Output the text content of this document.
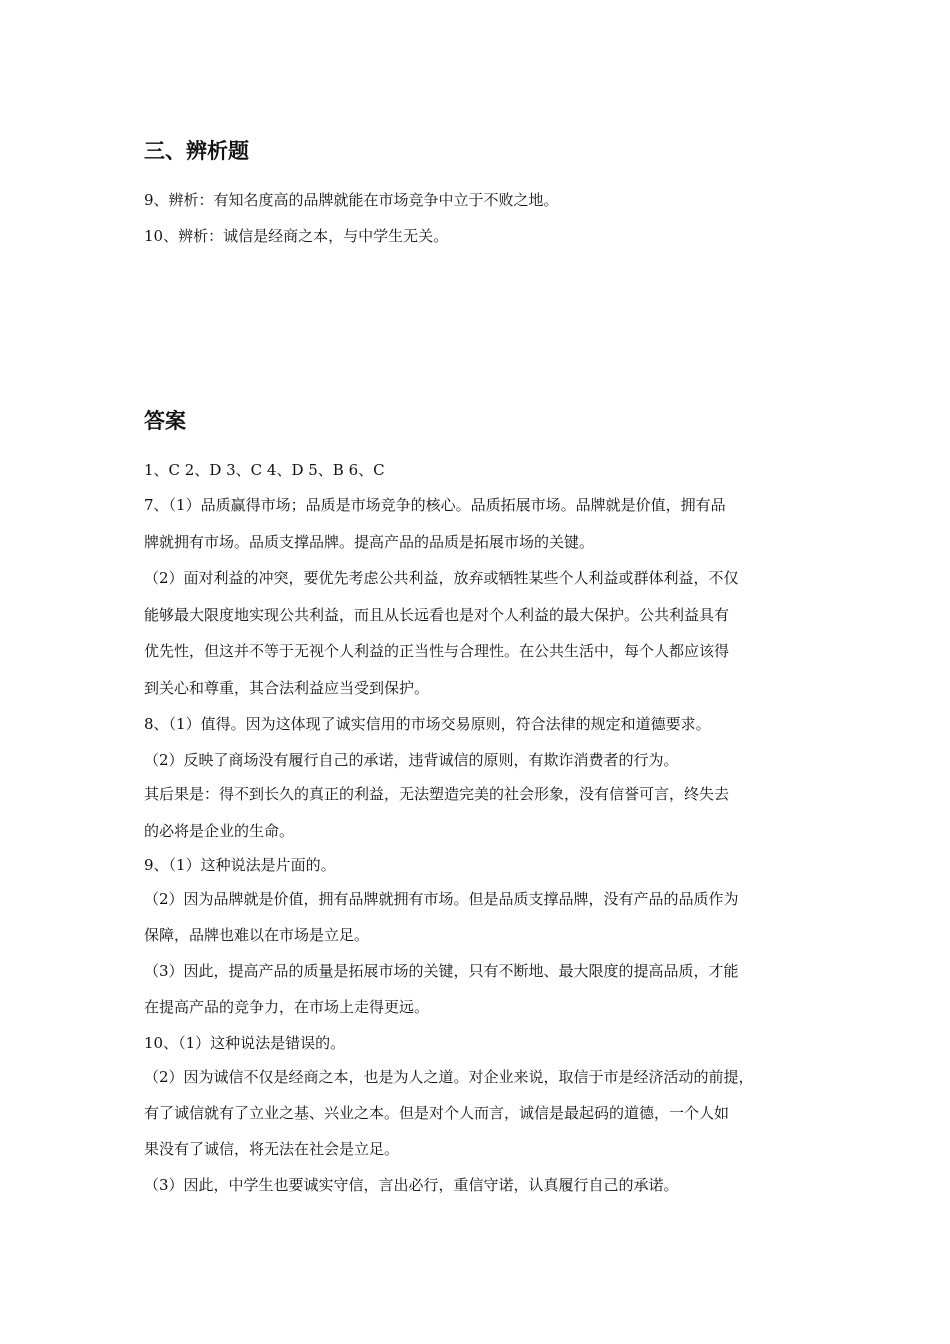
三、辨析题

9、辨析：有知名度高的品牌就能在市场竞争中立于不败之地。

10、辨析：诚信是经商之本，与中学生无关。

答案

1、C 2、D 3、C 4、D 5、B 6、C

7、（1）品质赢得市场；品质是市场竞争的核心。品质拓展市场。品牌就是价值，拥有品

牌就拥有市场。品质支撑品牌。提高产品的品质是拓展市场的关键。

（2）面对利益的冲突，要优先考虑公共利益，放弃或牺牲某些个人利益或群体利益，不仅

能够最大限度地实现公共利益，而且从长远看也是对个人利益的最大保护。公共利益具有

优先性，但这并不等于无视个人利益的正当性与合理性。在公共生活中，每个人都应该得

到关心和尊重，其合法利益应当受到保护。

8、（1）值得。因为这体现了诚实信用的市场交易原则，符合法律的规定和道德要求。

（2）反映了商场没有履行自己的承诺，违背诚信的原则，有欺诈消费者的行为。

其后果是：得不到长久的真正的利益，无法塑造完美的社会形象，没有信誉可言，终失去

的必将是企业的生命。

9、（1）这种说法是片面的。

（2）因为品牌就是价值，拥有品牌就拥有市场。但是品质支撑品牌，没有产品的品质作为

保障，品牌也难以在市场是立足。

（3）因此，提高产品的质量是拓展市场的关键，只有不断地、最大限度的提高品质，才能

在提高产品的竞争力，在市场上走得更远。

10、（1）这种说法是错误的。

（2）因为诚信不仅是经商之本，也是为人之道。对企业来说，取信于市是经济活动的前提，

有了诚信就有了立业之基、兴业之本。但是对个人而言，诚信是最起码的道德，一个人如

果没有了诚信，将无法在社会是立足。

（3）因此，中学生也要诚实守信，言出必行，重信守诺，认真履行自己的承诺。
